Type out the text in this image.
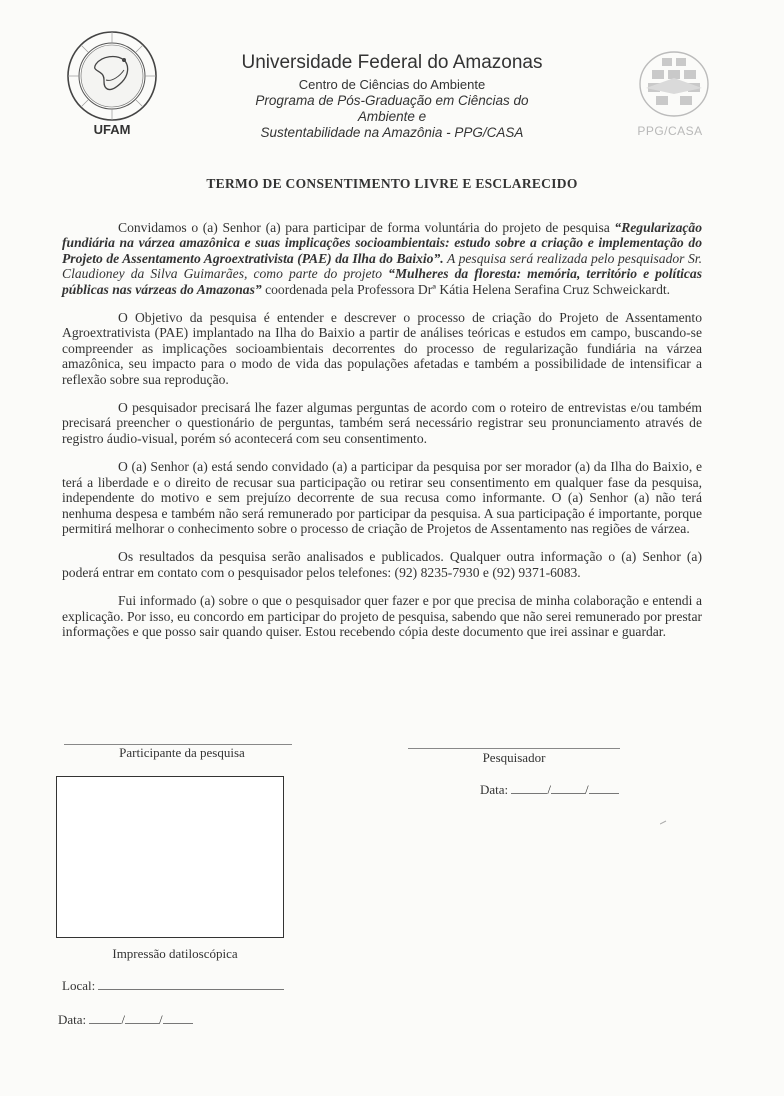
UFAM
Universidade Federal do Amazonas
Centro de Ciências do Ambiente
Programa de Pós-Graduação em Ciências do
Ambiente e
Sustentabilidade na Amazônia - PPG/CASA	PPG/CASA
TERMO DE CONSENTIMENTO LIVRE E ESCLARECIDO

Convidamos o (a) Senhor (a) para participar de forma voluntária do projeto de pesquisa “Regularização fundiária na várzea amazônica e suas implicações socioambientais: estudo sobre a criação e implementação do Projeto de Assentamento Agroextrativista (PAE) da Ilha do Baixio”. A pesquisa será realizada pelo pesquisador Sr. Claudioney da Silva Guimarães, como parte do projeto “Mulheres da floresta: memória, território e políticas públicas nas várzeas do Amazonas” coordenada pela Professora Drª Kátia Helena Serafina Cruz Schweickardt.

O Objetivo da pesquisa é entender e descrever o processo de criação do Projeto de Assentamento Agroextrativista (PAE) implantado na Ilha do Baixio a partir de análises teóricas e estudos em campo, buscando-se compreender as implicações socioambientais decorrentes do processo de regularização fundiária na várzea amazônica, seu impacto para o modo de vida das populações afetadas e também a possibilidade de intensificar a reflexão sobre sua reprodução.

O pesquisador precisará lhe fazer algumas perguntas de acordo com o roteiro de entrevistas e/ou também precisará preencher o questionário de perguntas, também será necessário registrar seu pronunciamento através de registro áudio-visual, porém só acontecerá com seu consentimento.

O (a) Senhor (a) está sendo convidado (a) a participar da pesquisa por ser morador (a) da Ilha do Baixio, e terá a liberdade e o direito de recusar sua participação ou retirar seu consentimento em qualquer fase da pesquisa, independente do motivo e sem prejuízo decorrente de sua recusa como informante. O (a) Senhor (a) não terá nenhuma despesa e também não será remunerado por participar da pesquisa. A sua participação é importante, porque permitirá melhorar o conhecimento sobre o processo de criação de Projetos de Assentamento nas regiões de várzea.

Os resultados da pesquisa serão analisados e publicados. Qualquer outra informação o (a) Senhor (a) poderá entrar em contato com o pesquisador pelos telefones: (92) 8235-7930 e (92) 9371-6083.

Fui informado (a) sobre o que o pesquisador quer fazer e por que precisa de minha colaboração e entendi a explicação. Por isso, eu concordo em participar do projeto de pesquisa, sabendo que não serei remunerado por prestar informações e que posso sair quando quiser. Estou recebendo cópia deste documento que irei assinar e guardar.

Participante da pesquisa	Pesquisador
Data:	/	/
Impressão datiloscópica
Local:
Data:	/	/
